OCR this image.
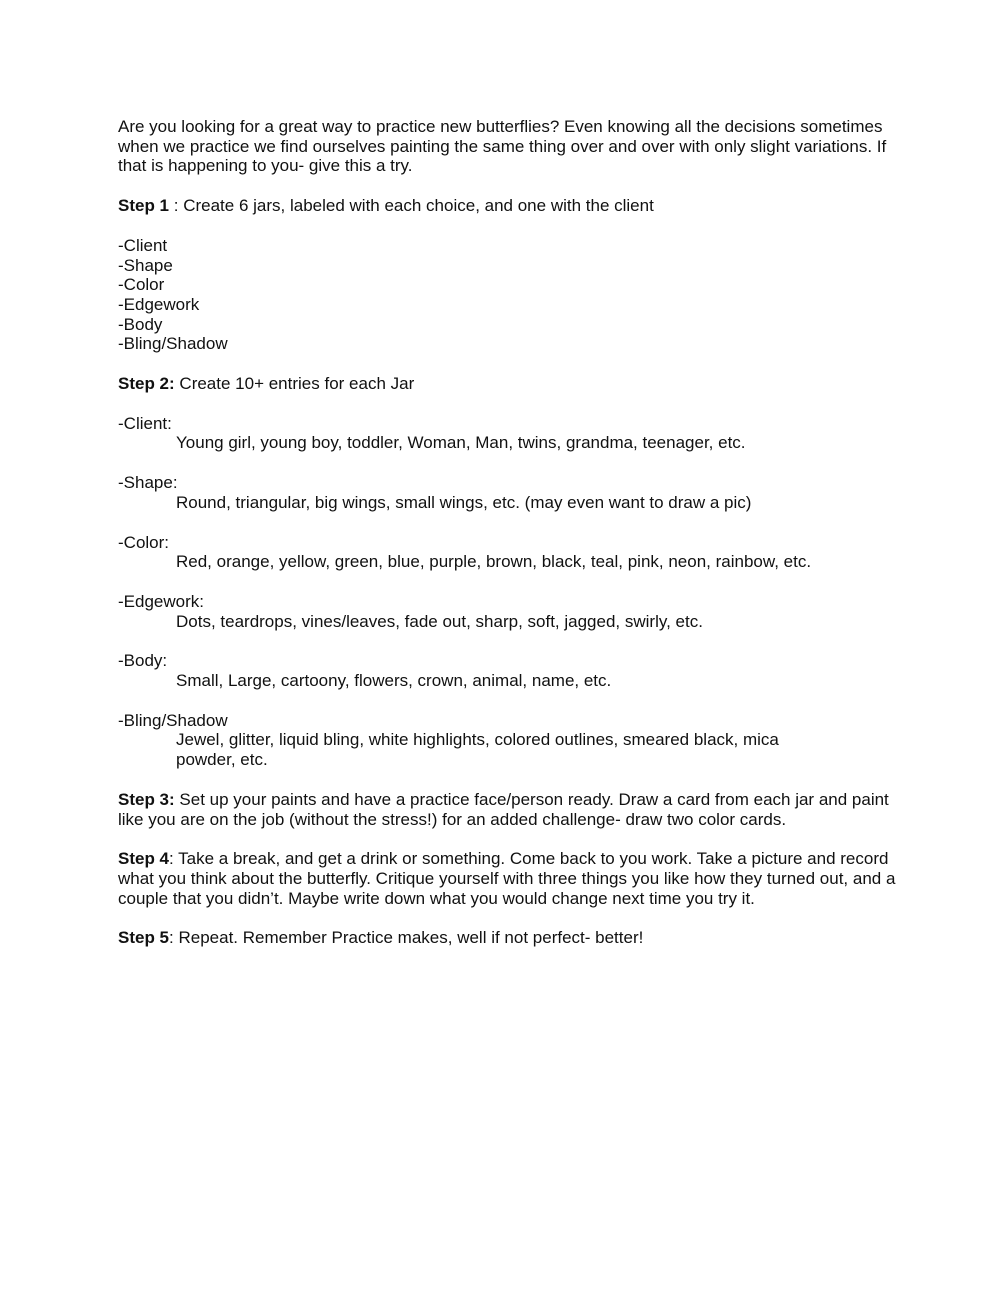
Are you looking for a great way to practice new butterflies? Even knowing all the decisions sometimes when we practice we find ourselves painting the same thing over and over with only slight variations. If that is happening to you- give this a try.

Step 1 : Create 6 jars, labeled with each choice, and one with the client

-Client
-Shape
-Color
-Edgework
-Body
-Bling/Shadow

Step 2: Create 10+ entries for each Jar

-Client:
Young girl, young boy, toddler, Woman, Man, twins, grandma, teenager, etc.
-Shape:
Round, triangular, big wings, small wings, etc. (may even want to draw a pic)
-Color:
Red, orange, yellow, green, blue, purple, brown, black, teal, pink, neon, rainbow, etc.
-Edgework:
Dots, teardrops, vines/leaves, fade out, sharp, soft, jagged, swirly, etc.
-Body:
Small, Large, cartoony, flowers, crown, animal, name, etc.
-Bling/Shadow
Jewel, glitter, liquid bling, white highlights, colored outlines, smeared black, mica powder, etc.

Step 3: Set up your paints and have a practice face/person ready. Draw a card from each jar and paint like you are on the job (without the stress!) for an added challenge- draw two color cards.

Step 4: Take a break, and get a drink or something. Come back to you work. Take a picture and record what you think about the butterfly. Critique yourself with three things you like how they turned out, and a couple that you didn’t. Maybe write down what you would change next time you try it.

Step 5: Repeat. Remember Practice makes, well if not perfect- better!
